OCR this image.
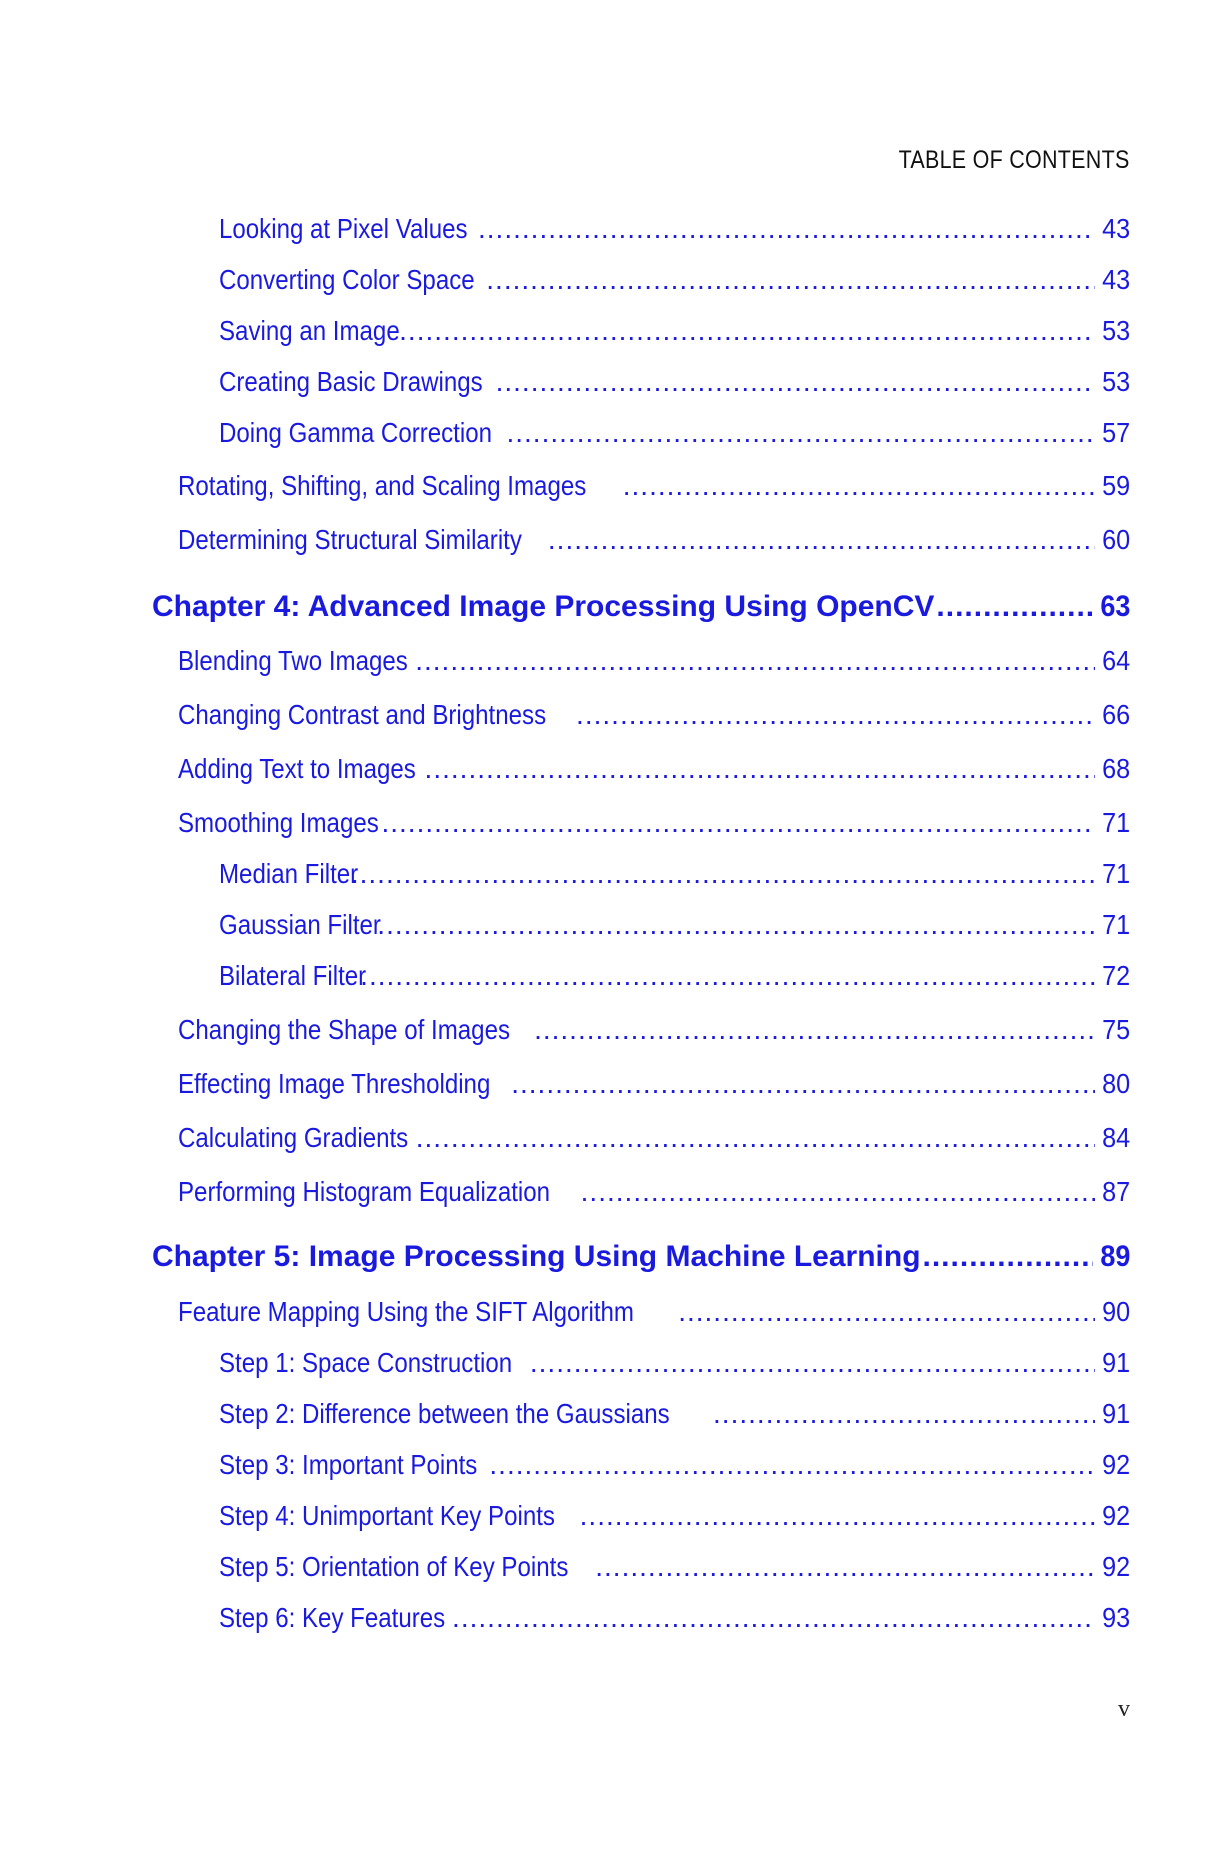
TABLE OF CONTENTS
Looking at Pixel Values .....	43
Converting Color Space .....	43
Saving an Image .....	53
Creating Basic Drawings .....	53
Doing Gamma Correction .....	57
Rotating, Shifting, and Scaling Images .....	59
Determining Structural Similarity .....	60
Chapter 4: Advanced Image Processing Using OpenCV .....	63
Blending Two Images .....	64
Changing Contrast and Brightness .....	66
Adding Text to Images .....	68
Smoothing Images .....	71
Median Filter .....	71
Gaussian Filter .....	71
Bilateral Filter .....	72
Changing the Shape of Images .....	75
Effecting Image Thresholding .....	80
Calculating Gradients .....	84
Performing Histogram Equalization .....	87
Chapter 5: Image Processing Using Machine Learning .....	89
Feature Mapping Using the SIFT Algorithm .....	90
Step 1: Space Construction .....	91
Step 2: Difference between the Gaussians .....	91
Step 3: Important Points .....	92
Step 4: Unimportant Key Points .....	92
Step 5: Orientation of Key Points .....	92
Step 6: Key Features .....	93
v
